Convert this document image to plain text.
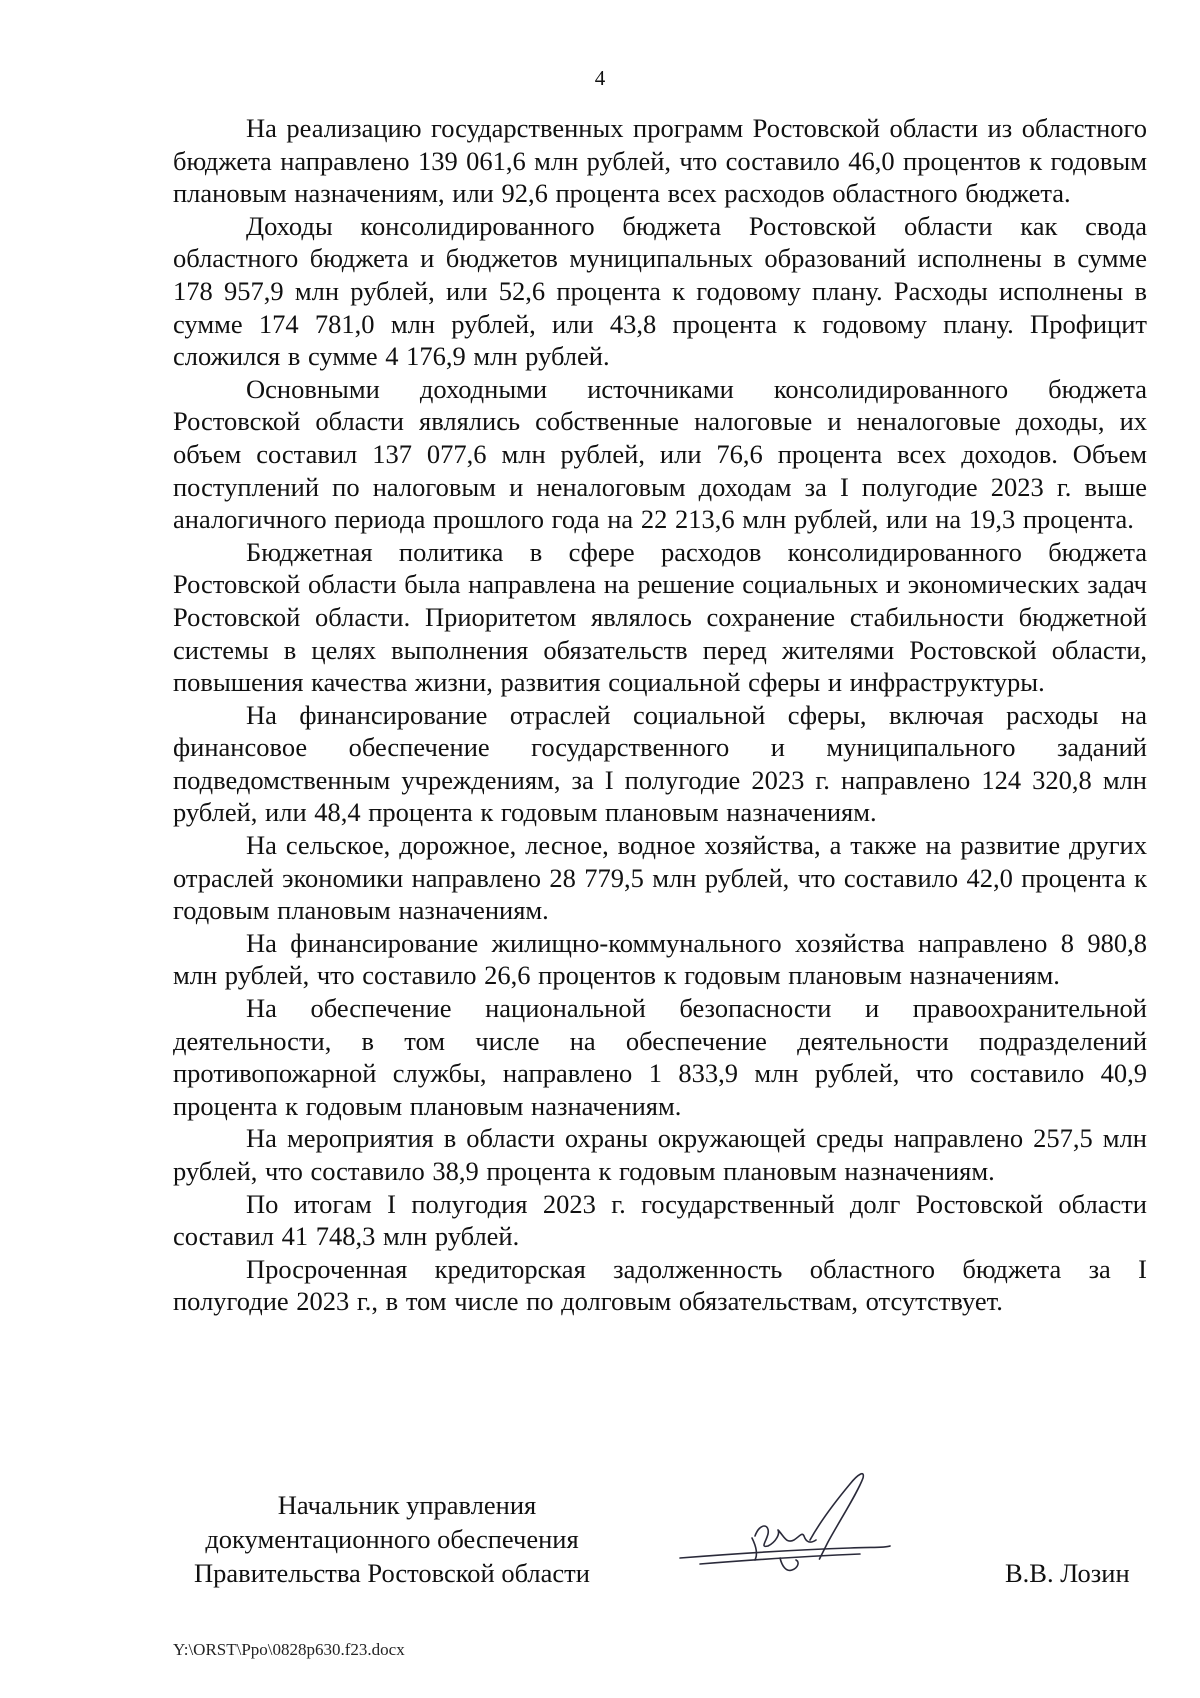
4

На реализацию государственных программ Ростовской области из областного бюджета направлено 139 061,6 млн рублей, что составило 46,0 процентов к годовым плановым назначениям, или 92,6 процента всех расходов областного бюджета.

Доходы консолидированного бюджета Ростовской области как свода областного бюджета и бюджетов муниципальных образований исполнены в сумме 178 957,9 млн рублей, или 52,6 процента к годовому плану. Расходы исполнены в сумме 174 781,0 млн рублей, или 43,8 процента к годовому плану. Профицит сложился в сумме 4 176,9 млн рублей.

Основными доходными источниками консолидированного бюджета Ростовской области являлись собственные налоговые и неналоговые доходы, их объем составил 137 077,6 млн рублей, или 76,6 процента всех доходов. Объем поступлений по налоговым и неналоговым доходам за I полугодие 2023 г. выше аналогичного периода прошлого года на 22 213,6 млн рублей, или на 19,3 процента.

Бюджетная политика в сфере расходов консолидированного бюджета Ростовской области была направлена на решение социальных и экономических задач Ростовской области. Приоритетом являлось сохранение стабильности бюджетной системы в целях выполнения обязательств перед жителями Ростовской области, повышения качества жизни, развития социальной сферы и инфраструктуры.

На финансирование отраслей социальной сферы, включая расходы на финансовое обеспечение государственного и муниципального заданий подведомственным учреждениям, за I полугодие 2023 г. направлено 124 320,8 млн рублей, или 48,4 процента к годовым плановым назначениям.

На сельское, дорожное, лесное, водное хозяйства, а также на развитие других отраслей экономики направлено 28 779,5 млн рублей, что составило 42,0 процента к годовым плановым назначениям.

На финансирование жилищно-коммунального хозяйства направлено 8 980,8 млн рублей, что составило 26,6 процентов к годовым плановым назначениям.

На обеспечение национальной безопасности и правоохранительной деятельности, в том числе на обеспечение деятельности подразделений противопожарной службы, направлено 1 833,9 млн рублей, что составило 40,9 процента к годовым плановым назначениям.

На мероприятия в области охраны окружающей среды направлено 257,5 млн рублей, что составило 38,9 процента к годовым плановым назначениям.

По итогам I полугодия 2023 г. государственный долг Ростовской области составил 41 748,3 млн рублей.

Просроченная кредиторская задолженность областного бюджета за I полугодие 2023 г., в том числе по долговым обязательствам, отсутствует.

Начальник управления
документационного обеспечения
Правительства Ростовской области	В.В. Лозин
Y:\ORST\Ppo\0828p630.f23.docx
